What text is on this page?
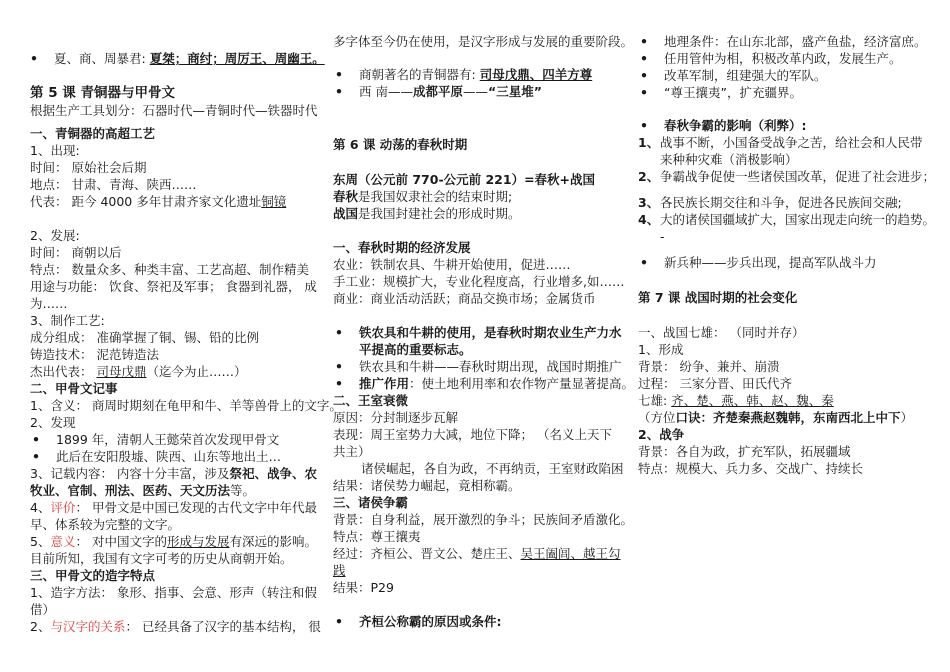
• 夏、商、周暴君: 夏桀；商纣；周厉王、周幽王。

第 5 课 青铜器与甲骨文

根据生产工具划分：石器时代—青铜时代—铁器时代

一、青铜器的高超工艺

1、出现:

时间： 原始社会后期

地点： 甘肃、青海、陕西……

代表： 距今 4000 多年甘肃齐家文化遗址铜镜

2、发展:

时间： 商朝以后

特点： 数量众多、种类丰富、工艺高超、制作精美

用途与功能： 饮食、祭祀及军事； 食器到礼器， 成为……

3、制作工艺:

成分组成： 准确掌握了铜、锡、铅的比例

铸造技术： 泥范铸造法

杰出代表： 司母戊鼎（迄今为止……）

二、甲骨文记事

1、含义： 商周时期刻在龟甲和牛、羊等兽骨上的文字。

2、发现

• 1899 年，清朝人王懿荣首次发现甲骨文

• 此后在安阳殷墟、陕西、山东等地出土…

3、记载内容： 内容十分丰富，涉及祭祀、战争、农牧业、官制、刑法、医药、天文历法等。

4、评价： 甲骨文是中国已发现的古代文字中年代最早、体系较为完整的文字。

5、意义： 对中国文字的形成与发展有深远的影响。目前所知，我国有文字可考的历史从商朝开始。

三、甲骨文的造字特点

1、造字方法： 象形、指事、会意、形声（转注和假借）

2、与汉字的关系： 已经具备了汉字的基本结构， 很

多字体至今仍在使用，是汉字形成与发展的重要阶段。

• 商朝著名的青铜器有: 司母戊鼎、四羊方尊

• 西 南——成都平原——“三星堆”

第 6 课 动荡的春秋时期

东周（公元前 770-公元前 221）=春秋+战国

春秋是我国奴隶社会的结束时期;

战国是我国封建社会的形成时期。

一、春秋时期的经济发展

农业：铁制农具、牛耕开始使用，促进……

手工业：规模扩大，专业化程度高，行业增多,如……

商业：商业活动活跃；商品交换市场；金属货币

• 铁农具和牛耕的使用，是春秋时期农业生产力水平提高的重要标志。

• 铁农具和牛耕——春秋时期出现，战国时期推广

• 推广作用：使土地利用率和农作物产量显著提高。

二、王室衰微

原因：分封制逐步瓦解

表现：周王室势力大减，地位下降； （名义上天下共主）

诸侯崛起，各自为政，不再纳贡，王室财政陷困

结果：诸侯势力崛起，竟相称霸。

三、诸侯争霸

背景：自身利益，展开激烈的争斗；民族间矛盾激化。

特点：尊王攘夷

经过：齐桓公、晋文公、楚庄王、吴王阖闾、越王勾践

结果：P29

• 齐桓公称霸的原因或条件:

• 地理条件：在山东北部，盛产鱼盐，经济富庶。

• 任用管仲为相，积极改革内政，发展生产。

• 改革军制，组建强大的军队。

• “尊王攘夷”，扩充疆界。

• 春秋争霸的影响（利弊）:

1、 战事不断，小国备受战争之苦，给社会和人民带来种种灾难（消极影响）

2、 争霸战争促使一些诸侯国改革，促进了社会进步；

3、 各民族长期交往和斗争，促进各民族间交融;

4、 大的诸侯国疆域扩大，国家出现走向统一的趋势。

-

• 新兵种——步兵出现，提高军队战斗力

第 7 课 战国时期的社会变化

一、战国七雄： （同时并存）

1、形成

背景： 纷争、兼并、崩溃

过程： 三家分晋、田氏代齐

七雄: 齐、楚、燕、韩、赵、魏、秦

（方位口诀：齐楚秦燕赵魏韩，东南西北上中下）

2、战争

背景：各自为政，扩充军队，拓展疆域

特点：规模大、兵力多、交战广、持续长
